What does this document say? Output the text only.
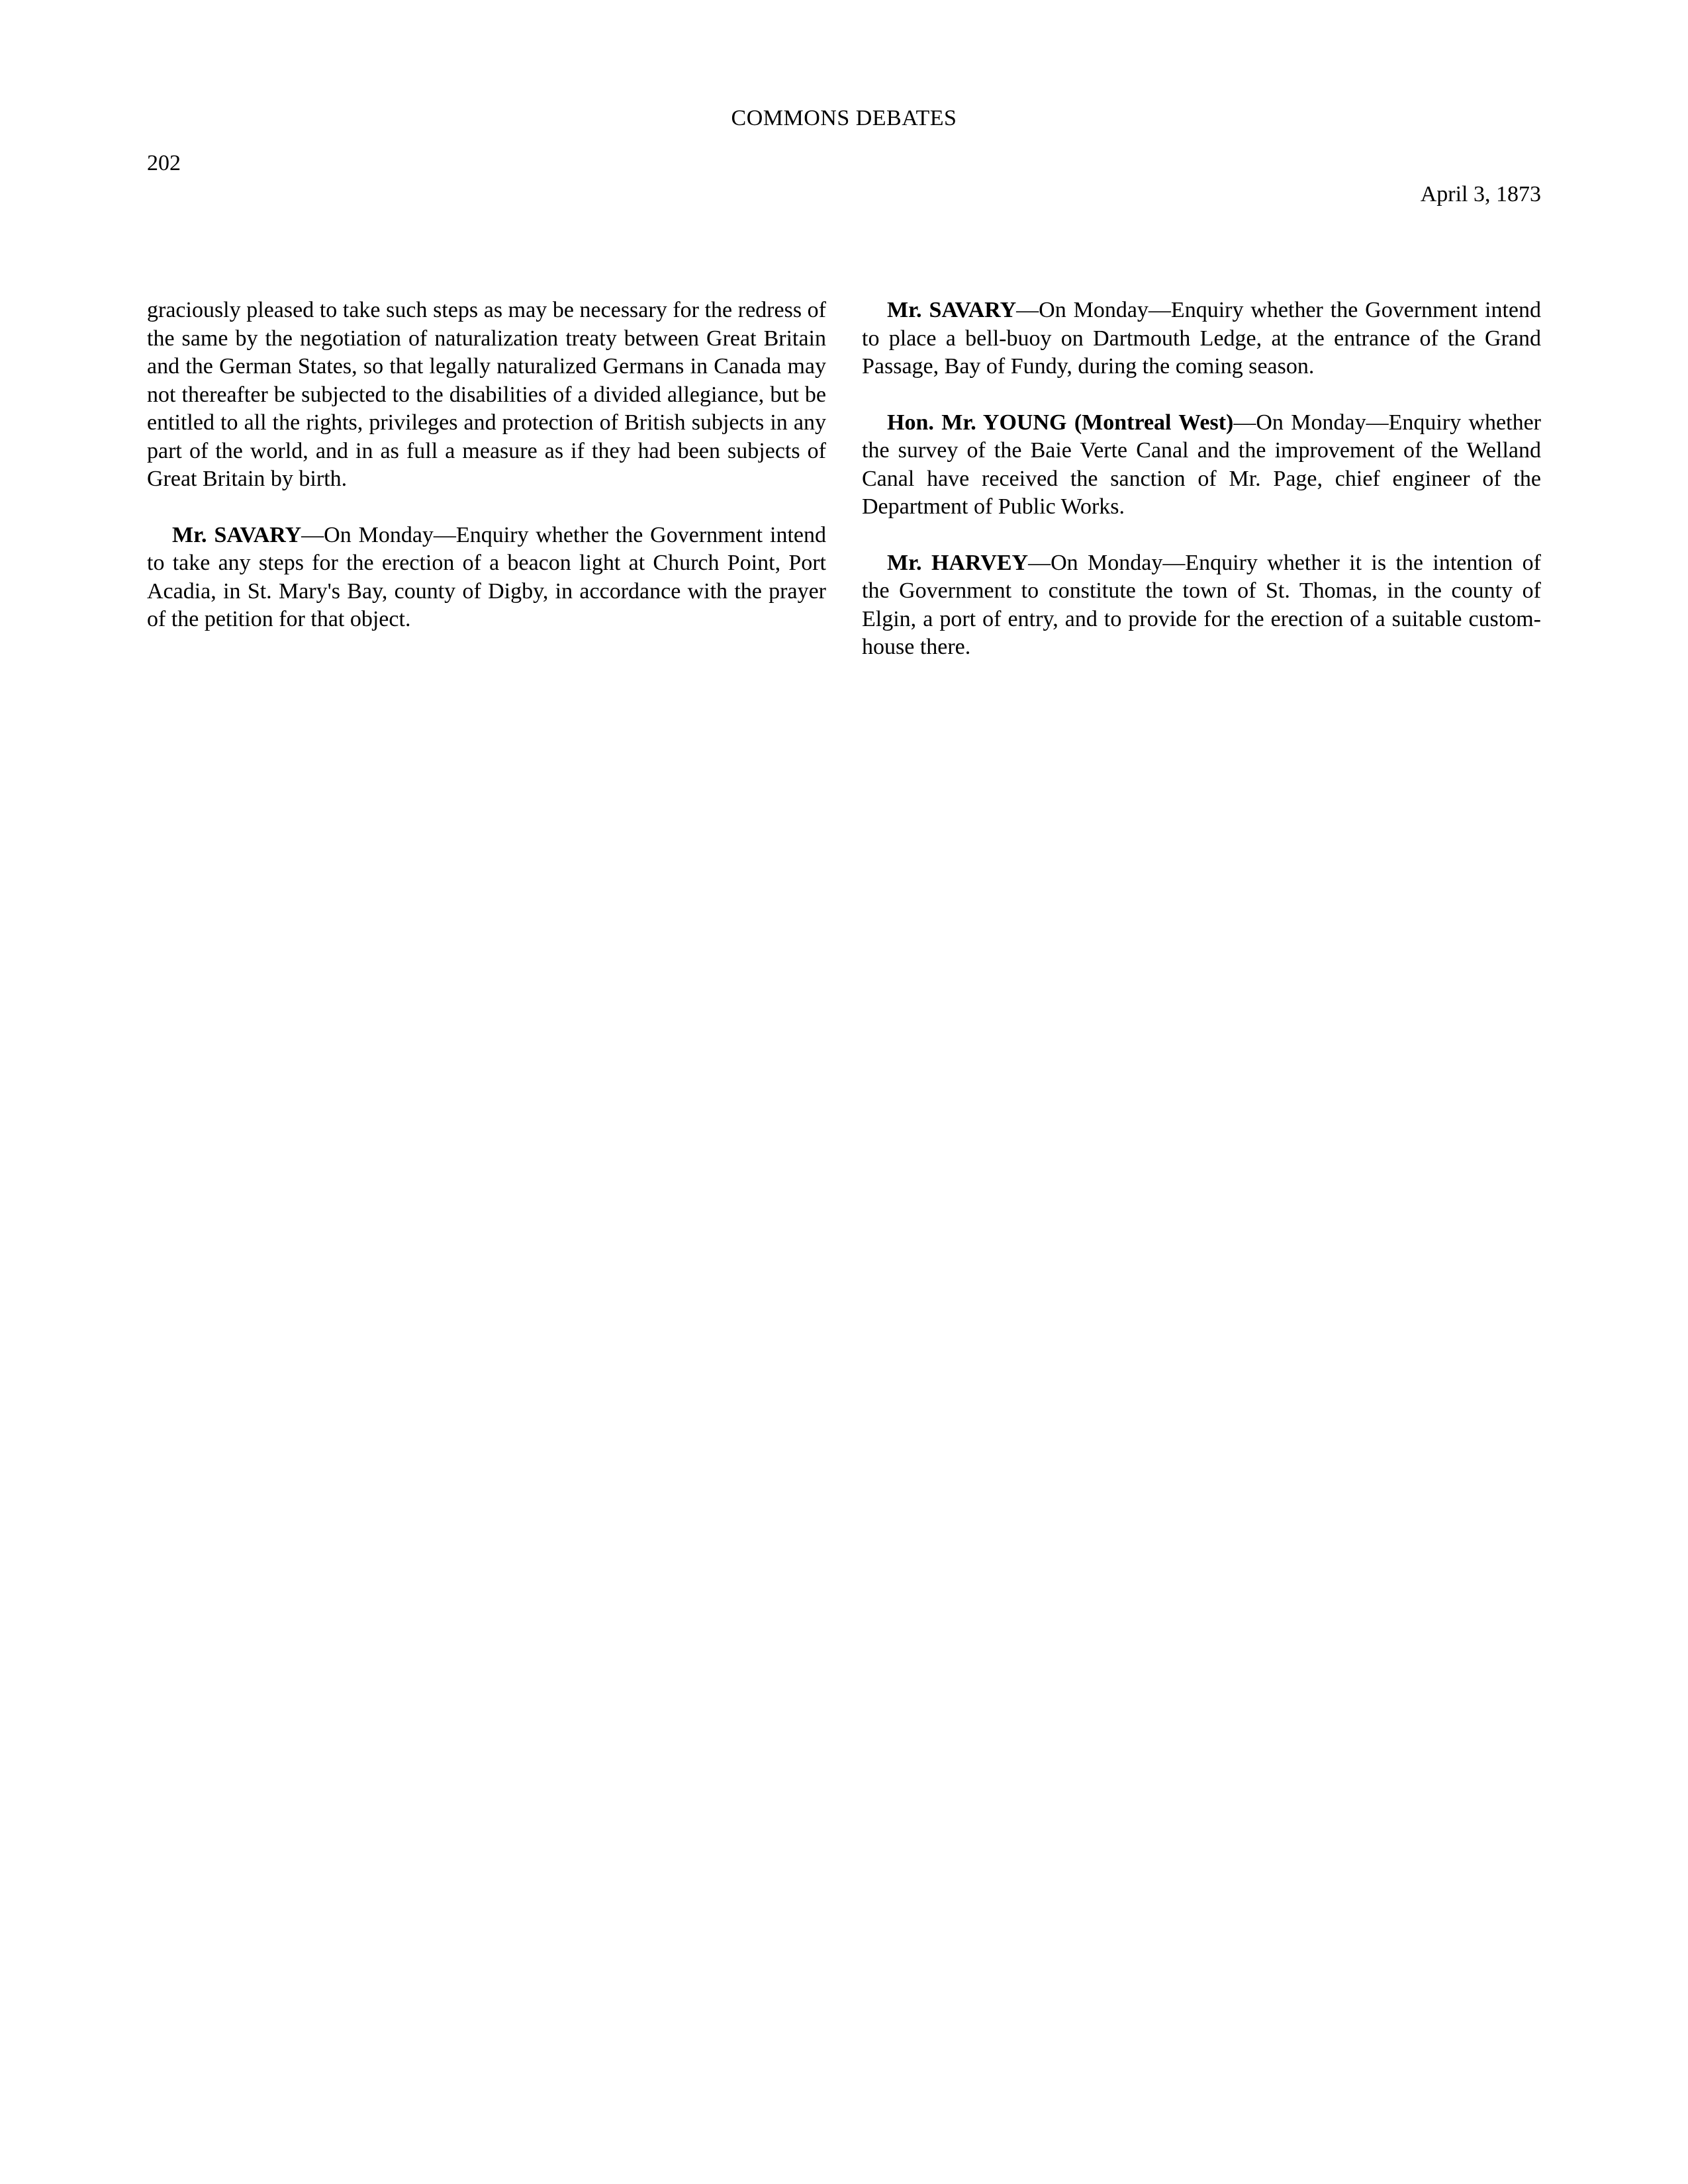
COMMONS DEBATES
202
April 3, 1873

graciously pleased to take such steps as may be necessary for the redress of the same by the negotiation of naturalization treaty between Great Britain and the German States, so that legally naturalized Germans in Canada may not thereafter be subjected to the disabilities of a divided allegiance, but be entitled to all the rights, privileges and protection of British subjects in any part of the world, and in as full a measure as if they had been subjects of Great Britain by birth.

Mr. SAVARY—On Monday—Enquiry whether the Government intend to take any steps for the erection of a beacon light at Church Point, Port Acadia, in St. Mary's Bay, county of Digby, in accordance with the prayer of the petition for that object.

Mr. SAVARY—On Monday—Enquiry whether the Government intend to place a bell-buoy on Dartmouth Ledge, at the entrance of the Grand Passage, Bay of Fundy, during the coming season.

Hon. Mr. YOUNG (Montreal West)—On Monday—Enquiry whether the survey of the Baie Verte Canal and the improvement of the Welland Canal have received the sanction of Mr. Page, chief engineer of the Department of Public Works.

Mr. HARVEY—On Monday—Enquiry whether it is the intention of the Government to constitute the town of St. Thomas, in the county of Elgin, a port of entry, and to provide for the erection of a suitable custom-house there.
